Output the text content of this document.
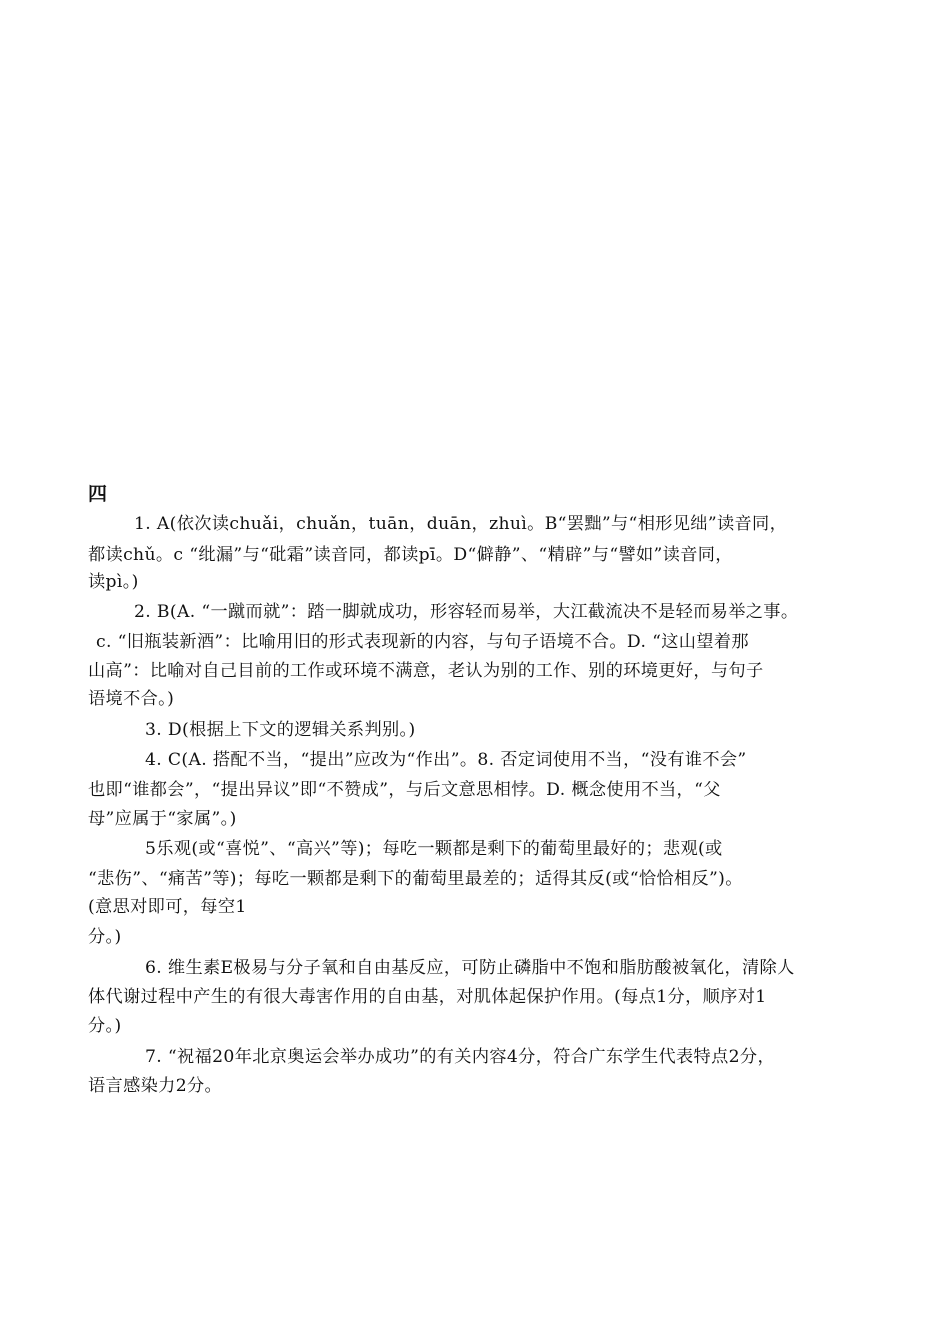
四

1. A(依次读chuǎi，chuǎn，tuān，duān，zhuì。B“罢黜”与“相形见绌”读音同，

都读chǔ。c “纰漏”与“砒霜”读音同，都读pī。D“僻静”、“精辟”与“譬如”读音同，

读pì。)

2. B(A. “一蹴而就”：踏一脚就成功，形容轻而易举，大江截流决不是轻而易举之事。

c. “旧瓶装新酒”：比喻用旧的形式表现新的内容，与句子语境不合。D. “这山望着那

山高”：比喻对自己目前的工作或环境不满意，老认为别的工作、别的环境更好，与句子

语境不合。)

3. D(根据上下文的逻辑关系判别。)

4. C(A. 搭配不当，“提出”应改为“作出”。8. 否定词使用不当，“没有谁不会”

也即“谁都会”，“提出异议”即“不赞成”，与后文意思相悖。D. 概念使用不当，“父

母”应属于“家属”。)

5乐观(或“喜悦”、“高兴”等)；每吃一颗都是剩下的葡萄里最好的；悲观(或

“悲伤”、“痛苦”等)；每吃一颗都是剩下的葡萄里最差的；适得其反(或“恰恰相反”)。

(意思对即可，每空1

分。)

6. 维生素E极易与分子氧和自由基反应，可防止磷脂中不饱和脂肪酸被氧化，清除人

体代谢过程中产生的有很大毒害作用的自由基，对肌体起保护作用。(每点1分，顺序对1

分。)

7. “祝福20年北京奥运会举办成功”的有关内容4分，符合广东学生代表特点2分，

语言感染力2分。
